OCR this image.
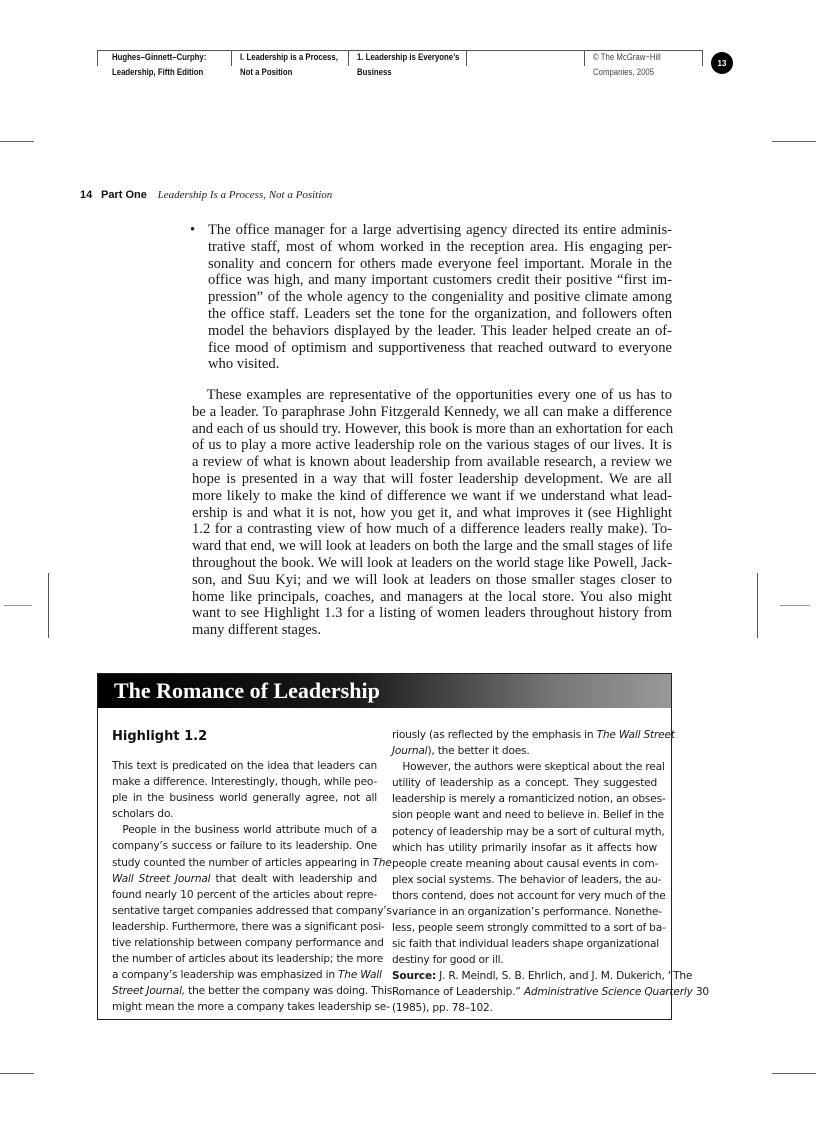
Hughes–Ginnett–Curphy:
Leadership, Fifth Edition
I. Leadership is a Process,
Not a Position
1. Leadership is Everyone’s
Business
© The McGraw−Hill
Companies, 2005
13
14 Part One Leadership Is a Process, Not a Position
• The office manager for a large advertising agency directed its entire adminis-
trative staff, most of whom worked in the reception area. His engaging per-
sonality and concern for others made everyone feel important. Morale in the
office was high, and many important customers credit their positive “first im-
pression” of the whole agency to the congeniality and positive climate among
the office staff. Leaders set the tone for the organization, and followers often
model the behaviors displayed by the leader. This leader helped create an of-
fice mood of optimism and supportiveness that reached outward to everyone
who visited.
 These examples are representative of the opportunities every one of us has to
be a leader. To paraphrase John Fitzgerald Kennedy, we all can make a difference
and each of us should try. However, this book is more than an exhortation for each
of us to play a more active leadership role on the various stages of our lives. It is
a review of what is known about leadership from available research, a review we
hope is presented in a way that will foster leadership development. We are all
more likely to make the kind of difference we want if we understand what lead-
ership is and what it is not, how you get it, and what improves it (see Highlight
1.2 for a contrasting view of how much of a difference leaders really make). To-
ward that end, we will look at leaders on both the large and the small stages of life
throughout the book. We will look at leaders on the world stage like Powell, Jack-
son, and Suu Kyi; and we will look at leaders on those smaller stages closer to
home like principals, coaches, and managers at the local store. You also might
want to see Highlight 1.3 for a listing of women leaders throughout history from
many different stages.
The Romance of Leadership
Highlight 1.2
This text is predicated on the idea that leaders can
make a difference. Interestingly, though, while peo-
ple in the business world generally agree, not all
scholars do.
 People in the business world attribute much of a
company’s success or failure to its leadership. One
study counted the number of articles appearing in The
Wall Street Journal that dealt with leadership and
found nearly 10 percent of the articles about repre-
sentative target companies addressed that company’s
leadership. Furthermore, there was a significant posi-
tive relationship between company performance and
the number of articles about its leadership; the more
a company’s leadership was emphasized in The Wall
Street Journal, the better the company was doing. This
might mean the more a company takes leadership se-
riously (as reflected by the emphasis in The Wall Street
Journal), the better it does.
 However, the authors were skeptical about the real
utility of leadership as a concept. They suggested
leadership is merely a romanticized notion, an obses-
sion people want and need to believe in. Belief in the
potency of leadership may be a sort of cultural myth,
which has utility primarily insofar as it affects how
people create meaning about causal events in com-
plex social systems. The behavior of leaders, the au-
thors contend, does not account for very much of the
variance in an organization’s performance. Nonethe-
less, people seem strongly committed to a sort of ba-
sic faith that individual leaders shape organizational
destiny for good or ill.
Source: J. R. Meindl, S. B. Ehrlich, and J. M. Dukerich, “The
Romance of Leadership.” Administrative Science Quarterly 30
(1985), pp. 78–102.
